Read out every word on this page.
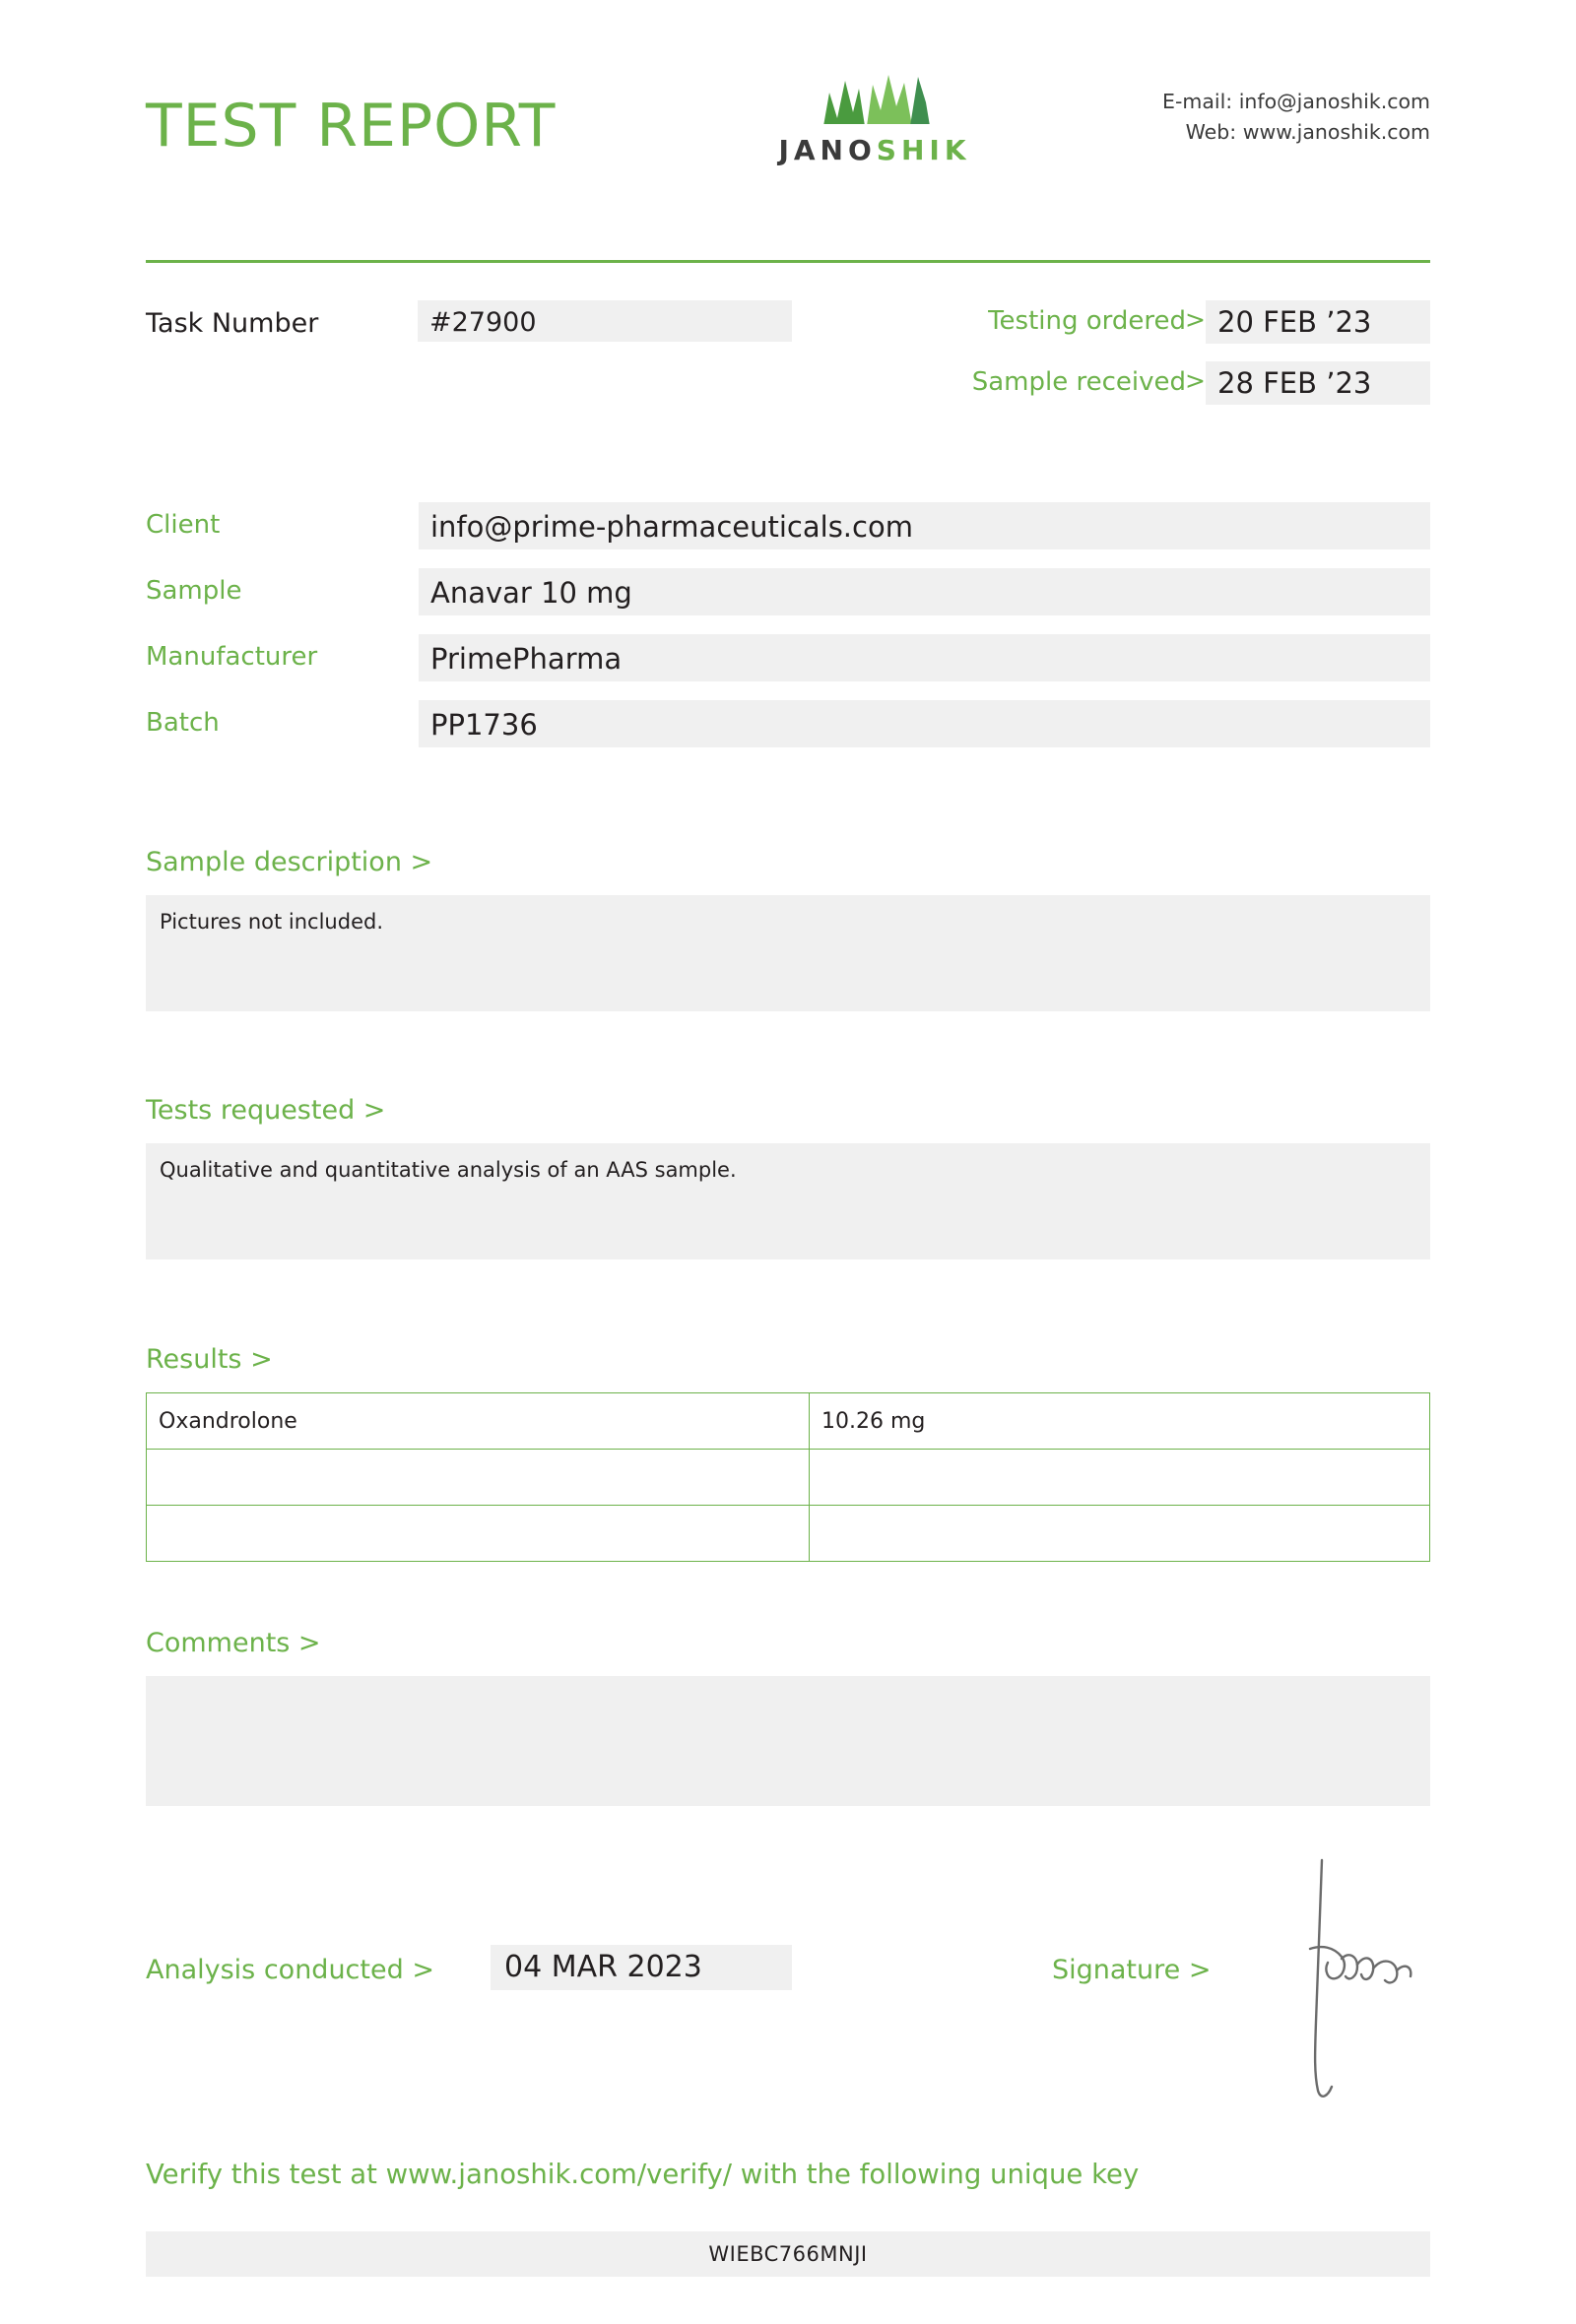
TEST REPORT	JANOSHIK
E-mail: info@janoshik.com
Web: www.janoshik.com
Task Number	#27900	Testing ordered > 20 FEB ’23
Sample received > 28 FEB ’23
Client	info@prime-pharmaceuticals.com
Sample	Anavar 10 mg
Manufacturer	PrimePharma
Batch	PP1736
Sample description >
Pictures not included.
Tests requested >
Qualitative and quantitative analysis of an AAS sample.
Results >
Oxandrolone	10.26 mg

Comments >
Analysis conducted >	04 MAR 2023	Signature >
Verify this test at www.janoshik.com/verify/ with the following unique key
WIEBC766MNJI
